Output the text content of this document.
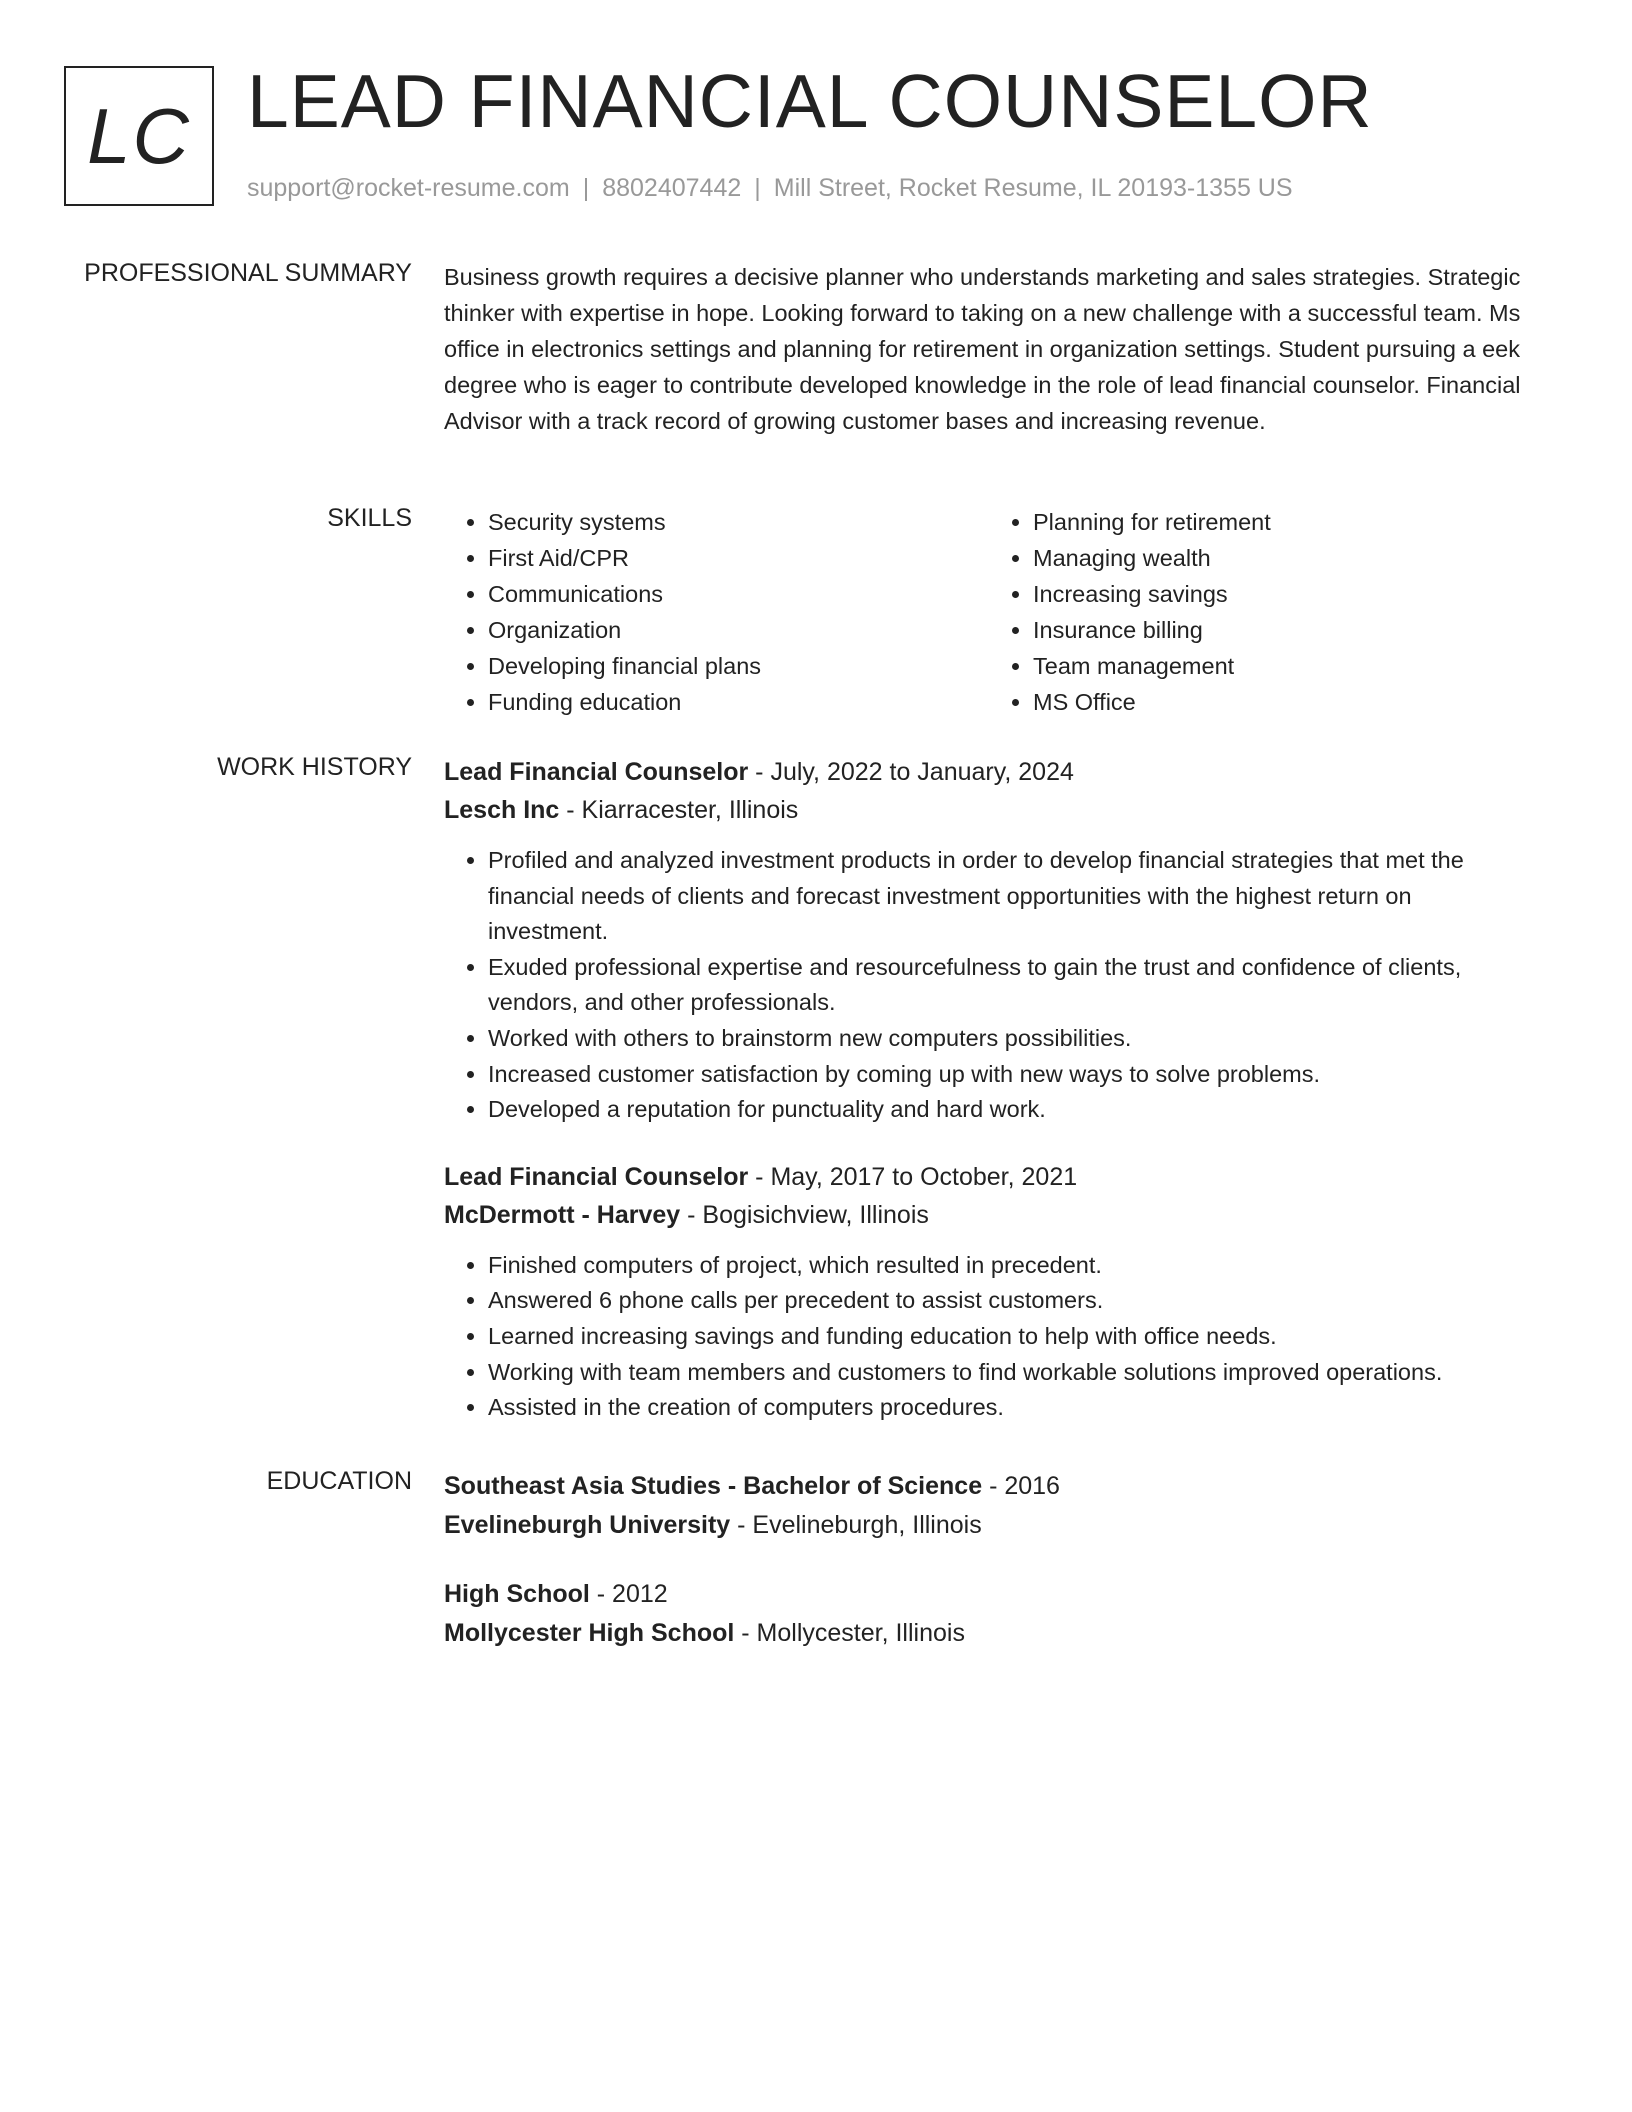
LC LEAD FINANCIAL COUNSELOR
support@rocket-resume.com | 8802407442 | Mill Street, Rocket Resume, IL 20193-1355 US
PROFESSIONAL SUMMARY Business growth requires a decisive planner who understands marketing and sales strategies. Strategic thinker with expertise in hope. Looking forward to taking on a new challenge with a successful team. Ms office in electronics settings and planning for retirement in organization settings. Student pursuing a eek degree who is eager to contribute developed knowledge in the role of lead financial counselor. Financial Advisor with a track record of growing customer bases and increasing revenue.

SKILLS
•	Security systems
• First Aid/CPR
• Communications
• Organization
• Developing financial plans
• Funding education
• Planning for retirement
• Managing wealth
• Increasing savings
• Insurance billing
• Team management
• MS Office
WORK HISTORY Lead Financial Counselor - July, 2022 to January, 2024
Lesch Inc - Kiarracester, Illinois
• Profiled and analyzed investment products in order to develop financial strategies that met the financial needs of clients and forecast investment opportunities with the highest return on investment.
• Exuded professional expertise and resourcefulness to gain the trust and confidence of clients, vendors, and other professionals.
• Worked with others to brainstorm new computers possibilities.
• Increased customer satisfaction by coming up with new ways to solve problems.
• Developed a reputation for punctuality and hard work.
Lead Financial Counselor - May, 2017 to October, 2021
McDermott - Harvey - Bogisichview, Illinois
• Finished computers of project, which resulted in precedent.
• Answered 6 phone calls per precedent to assist customers.
• Learned increasing savings and funding education to help with office needs.
• Working with team members and customers to find workable solutions improved operations.
• Assisted in the creation of computers procedures.
EDUCATION Southeast Asia Studies - Bachelor of Science - 2016
Evelineburgh University - Evelineburgh, Illinois
High School - 2012
Mollycester High School - Mollycester, Illinois
